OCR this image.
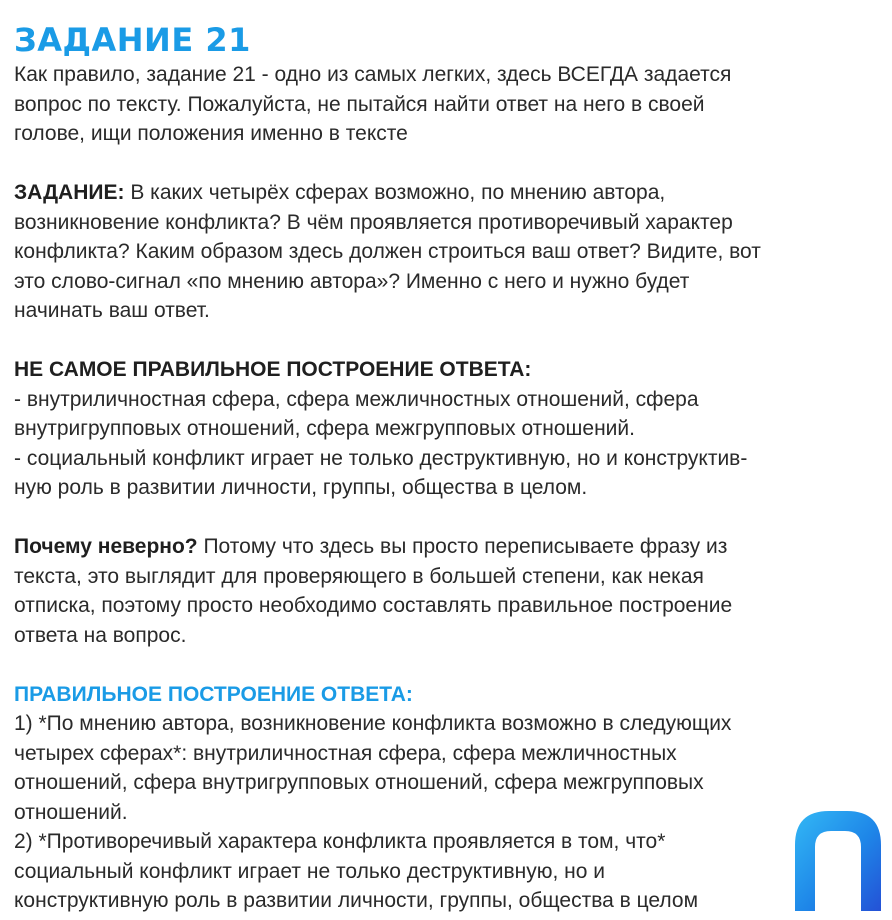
ЗАДАНИЕ 21

Как правило, задание 21 - одно из самых легких, здесь ВСЕГДА задается
вопрос по тексту. Пожалуйста, не пытайся найти ответ на него в своей
голове, ищи положения именно в тексте

ЗАДАНИЕ: В каких четырёх сферах возможно, по мнению автора,
возникновение конфликта? В чём проявляется противоречивый характер
конфликта? Каким образом здесь должен строиться ваш ответ? Видите, вот
это слово-сигнал «по мнению автора»? Именно с него и нужно будет
начинать ваш ответ.

НЕ САМОЕ ПРАВИЛЬНОЕ ПОСТРОЕНИЕ ОТВЕТА:
- внутриличностная сфера, сфера межличностных отношений, сфера
внутригрупповых отношений, сфера межгрупповых отношений.
- социальный конфликт играет не только деструктивную, но и конструктив-
ную роль в развитии личности, группы, общества в целом.

Почему неверно? Потому что здесь вы просто переписываете фразу из
текста, это выглядит для проверяющего в большей степени, как некая
отписка, поэтому просто необходимо составлять правильное построение
ответа на вопрос.

ПРАВИЛЬНОЕ ПОСТРОЕНИЕ ОТВЕТА:
1) *По мнению автора, возникновение конфликта возможно в следующих
четырех сферах*: внутриличностная сфера, сфера межличностных
отношений, сфера внутригрупповых отношений, сфера межгрупповых
отношений.
2) *Противоречивый характера конфликта проявляется в том, что*
социальный конфликт играет не только деструктивную, но и
конструктивную роль в развитии личности, группы, общества в целом
